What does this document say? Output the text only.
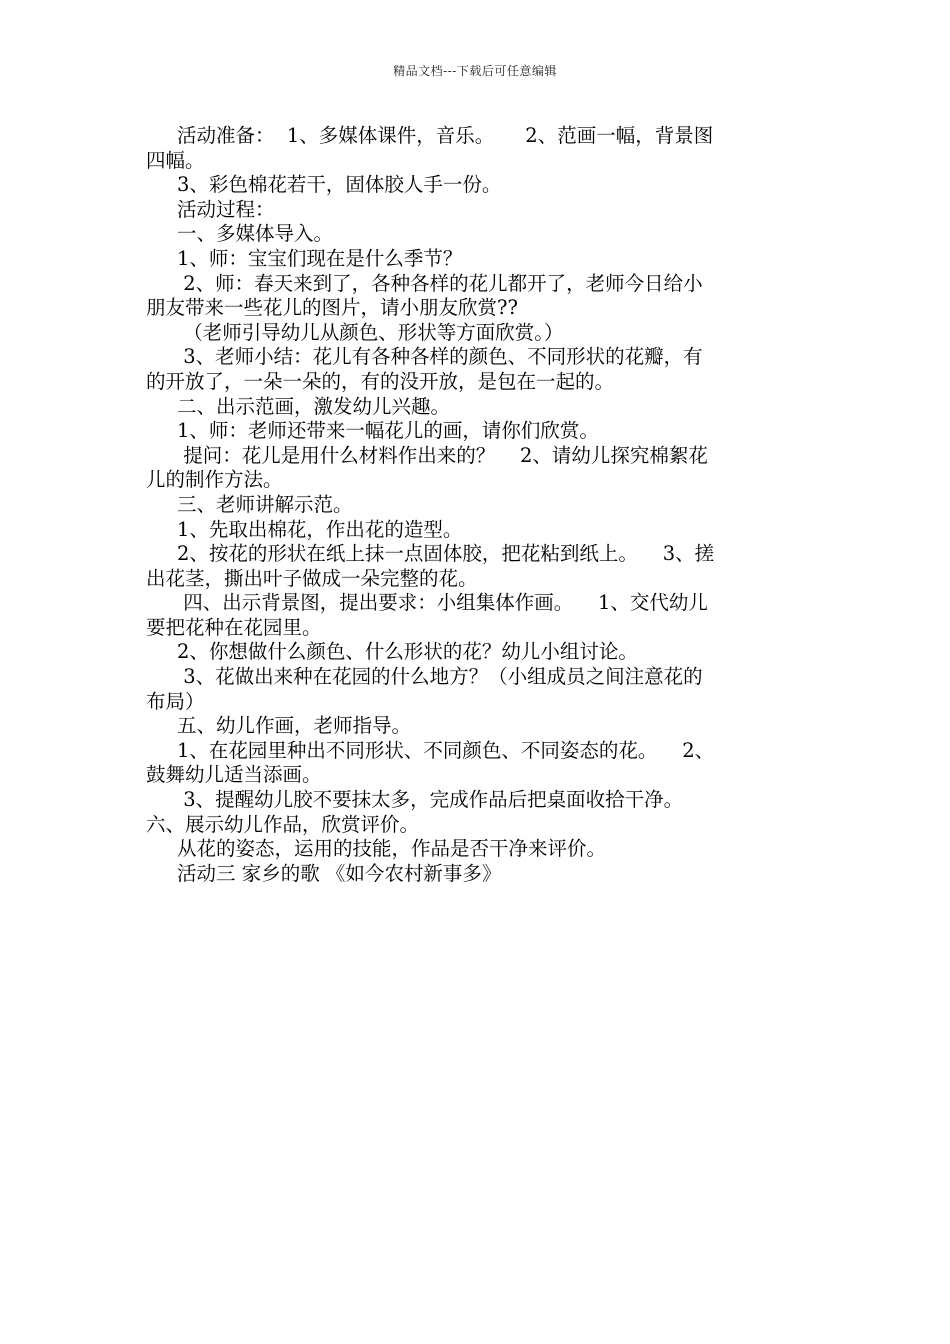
精品文档---下载后可任意编辑
活动准备：  1、多媒体课件，音乐。     2、范画一幅，背景图
四幅。
3、彩色棉花若干，固体胶人手一份。
活动过程：
一、多媒体导入。
1、师：宝宝们现在是什么季节？
2、师：春天来到了，各种各样的花儿都开了，老师今日给小
朋友带来一些花儿的图片，请小朋友欣赏??
（老师引导幼儿从颜色、形状等方面欣赏。）
3、老师小结：花儿有各种各样的颜色、不同形状的花瓣，有
的开放了，一朵一朵的，有的没开放，是包在一起的。
二、出示范画，激发幼儿兴趣。
1、师：老师还带来一幅花儿的画，请你们欣赏。
提问：花儿是用什么材料作出来的？    2、请幼儿探究棉絮花
儿的制作方法。
三、老师讲解示范。
1、先取出棉花，作出花的造型。
2、按花的形状在纸上抹一点固体胶，把花粘到纸上。    3、搓
出花茎，撕出叶子做成一朵完整的花。
四、出示背景图，提出要求：小组集体作画。    1、交代幼儿
要把花种在花园里。
2、你想做什么颜色、什么形状的花？幼儿小组讨论。
3、花做出来种在花园的什么地方？（小组成员之间注意花的
布局）
五、幼儿作画，老师指导。
1、在花园里种出不同形状、不同颜色、不同姿态的花。    2、
鼓舞幼儿适当添画。
3、提醒幼儿胶不要抹太多，完成作品后把桌面收拾干净。
六、展示幼儿作品，欣赏评价。
从花的姿态，运用的技能，作品是否干净来评价。
活动三 家乡的歌 《如今农村新事多》
